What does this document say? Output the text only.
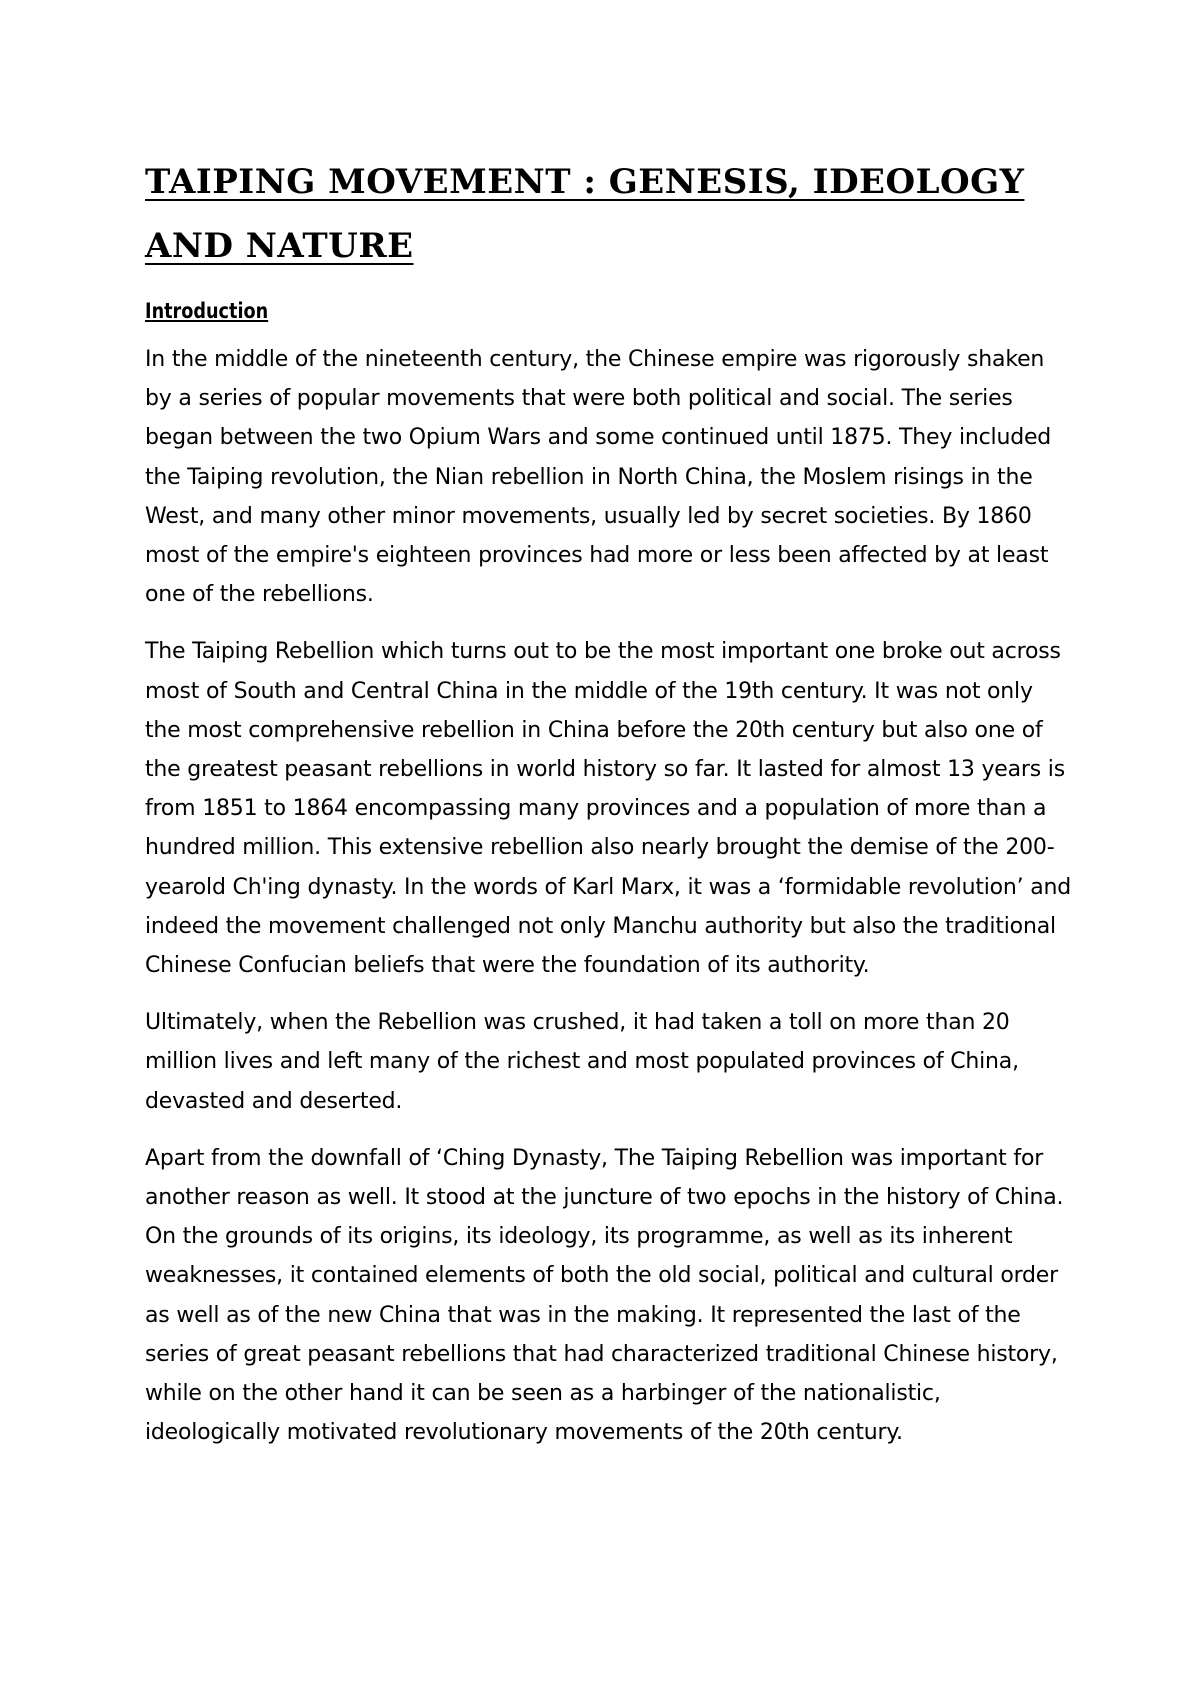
TAIPING MOVEMENT : GENESIS, IDEOLOGY AND NATURE
Introduction

In the middle of the nineteenth century, the Chinese empire was rigorously shaken by a series of popular movements that were both political and social. The series began between the two Opium Wars and some continued until 1875. They included the Taiping revolution, the Nian rebellion in North China, the Moslem risings in the West, and many other minor movements, usually led by secret societies. By 1860 most of the empire's eighteen provinces had more or less been affected by at least one of the rebellions.

The Taiping Rebellion which turns out to be the most important one broke out across most of South and Central China in the middle of the 19th century. It was not only the most comprehensive rebellion in China before the 20th century but also one of the greatest peasant rebellions in world history so far. It lasted for almost 13 years is from 1851 to 1864 encompassing many provinces and a population of more than a hundred million. This extensive rebellion also nearly brought the demise of the 200-yearold Ch'ing dynasty. In the words of Karl Marx, it was a ‘formidable revolution’ and indeed the movement challenged not only Manchu authority but also the traditional Chinese Confucian beliefs that were the foundation of its authority.

Ultimately, when the Rebellion was crushed, it had taken a toll on more than 20 million lives and left many of the richest and most populated provinces of China, devasted and deserted.

Apart from the downfall of ‘Ching Dynasty, The Taiping Rebellion was important for another reason as well. It stood at the juncture of two epochs in the history of China. On the grounds of its origins, its ideology, its programme, as well as its inherent weaknesses, it contained elements of both the old social, political and cultural order as well as of the new China that was in the making. It represented the last of the series of great peasant rebellions that had characterized traditional Chinese history, while on the other hand it can be seen as a harbinger of the nationalistic, ideologically motivated revolutionary movements of the 20th century.
